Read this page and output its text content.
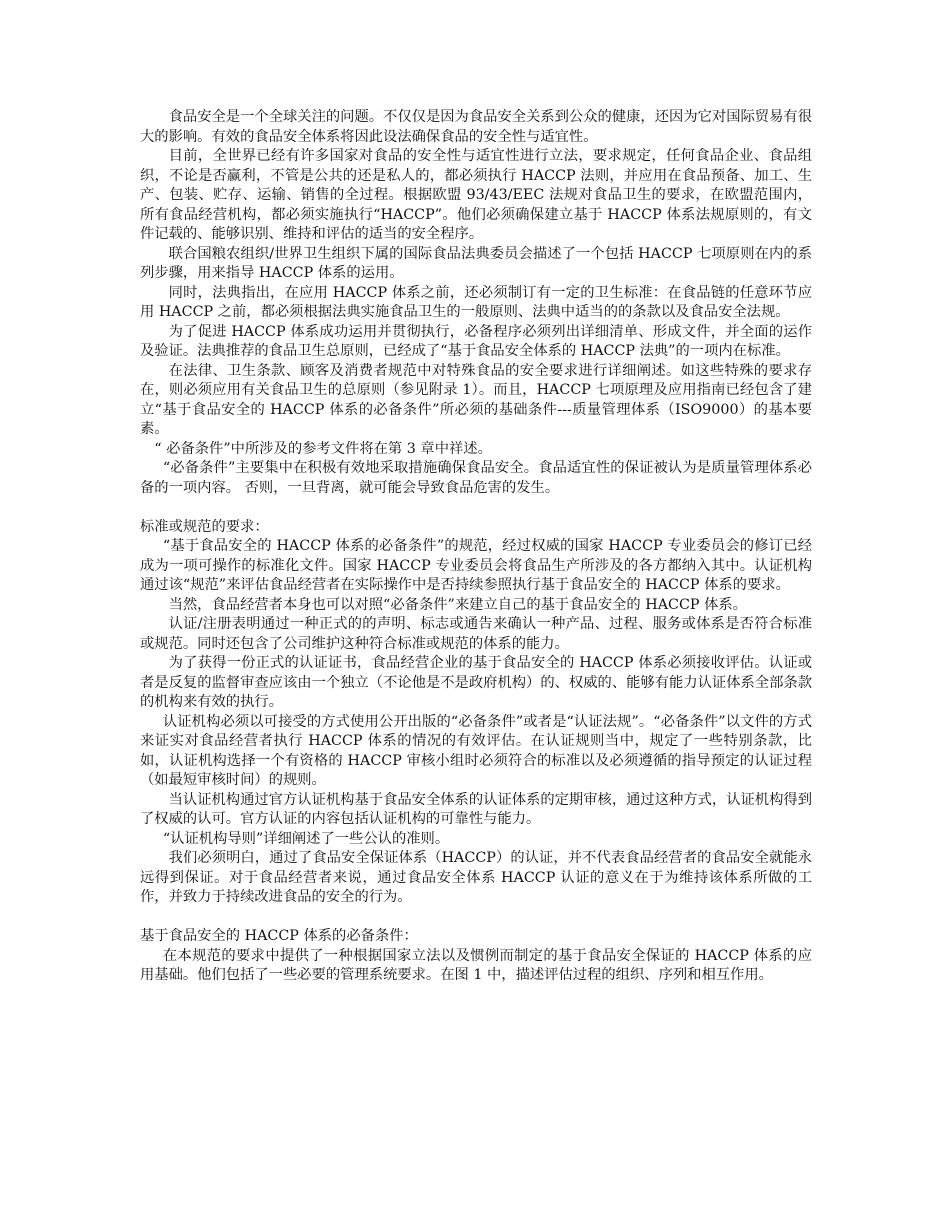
食品安全是一个全球关注的问题。不仅仅是因为食品安全关系到公众的健康，还因为它对国际贸易有很大的影响。有效的食品安全体系将因此设法确保食品的安全性与适宜性。

目前，全世界已经有许多国家对食品的安全性与适宜性进行立法，要求规定，任何食品企业、食品组织，不论是否赢利，不管是公共的还是私人的，都必须执行 HACCP 法则，并应用在食品预备、加工、生产、包装、贮存、运输、销售的全过程。根据欧盟 93/43/EEC 法规对食品卫生的要求，在欧盟范围内，所有食品经营机构，都必须实施执行“HACCP”。他们必须确保建立基于 HACCP 体系法规原则的，有文件记载的、能够识别、维持和评估的适当的安全程序。

联合国粮农组织/世界卫生组织下属的国际食品法典委员会描述了一个包括 HACCP 七项原则在内的系列步骤，用来指导 HACCP 体系的运用。

同时，法典指出，在应用 HACCP 体系之前，还必须制订有一定的卫生标准：在食品链的任意环节应用 HACCP 之前，都必须根据法典实施食品卫生的一般原则、法典中适当的的条款以及食品安全法规。

为了促进 HACCP 体系成功运用并贯彻执行，必备程序必须列出详细清单、形成文件，并全面的运作及验证。法典推荐的食品卫生总原则，已经成了“基于食品安全体系的 HACCP 法典”的一项内在标准。

在法律、卫生条款、顾客及消费者规范中对特殊食品的安全要求进行详细阐述。如这些特殊的要求存在，则必须应用有关食品卫生的总原则（参见附录 1）。而且，HACCP 七项原理及应用指南已经包含了建立“基于食品安全的 HACCP 体系的必备条件”所必须的基础条件---质量管理体系（ISO9000）的基本要素。

“ 必备条件”中所涉及的参考文件将在第 3 章中祥述。

“必备条件”主要集中在积极有效地采取措施确保食品安全。食品适宜性的保证被认为是质量管理体系必备的一项内容。 否则，一旦背离，就可能会导致食品危害的发生。

标准或规范的要求：

“基于食品安全的 HACCP 体系的必备条件”的规范，经过权威的国家 HACCP 专业委员会的修订已经成为一项可操作的标准化文件。国家 HACCP 专业委员会将食品生产所涉及的各方都纳入其中。认证机构通过该“规范”来评估食品经营者在实际操作中是否持续参照执行基于食品安全的 HACCP 体系的要求。

当然，食品经营者本身也可以对照“必备条件”来建立自己的基于食品安全的 HACCP 体系。

认证/注册表明通过一种正式的的声明、标志或通告来确认一种产品、过程、服务或体系是否符合标准或规范。同时还包含了公司维护这种符合标准或规范的体系的能力。

为了获得一份正式的认证证书，食品经营企业的基于食品安全的 HACCP 体系必须接收评估。认证或者是反复的监督审查应该由一个独立（不论他是不是政府机构）的、权威的、能够有能力认证体系全部条款的机构来有效的执行。

认证机构必须以可接受的方式使用公开出版的“必备条件”或者是“认证法规”。“必备条件”以文件的方式来证实对食品经营者执行 HACCP 体系的情况的有效评估。在认证规则当中，规定了一些特别条款，比如，认证机构选择一个有资格的 HACCP 审核小组时必须符合的标准以及必须遵循的指导预定的认证过程（如最短审核时间）的规则。

当认证机构通过官方认证机构基于食品安全体系的认证体系的定期审核，通过这种方式，认证机构得到了权威的认可。官方认证的内容包括认证机构的可靠性与能力。

“认证机构导则”详细阐述了一些公认的准则。

我们必须明白，通过了食品安全保证体系（HACCP）的认证，并不代表食品经营者的食品安全就能永远得到保证。对于食品经营者来说，通过食品安全体系 HACCP 认证的意义在于为维持该体系所做的工作，并致力于持续改进食品的安全的行为。

基于食品安全的 HACCP 体系的必备条件：

在本规范的要求中提供了一种根据国家立法以及惯例而制定的基于食品安全保证的 HACCP 体系的应用基础。他们包括了一些必要的管理系统要求。在图 1 中，描述评估过程的组织、序列和相互作用。
